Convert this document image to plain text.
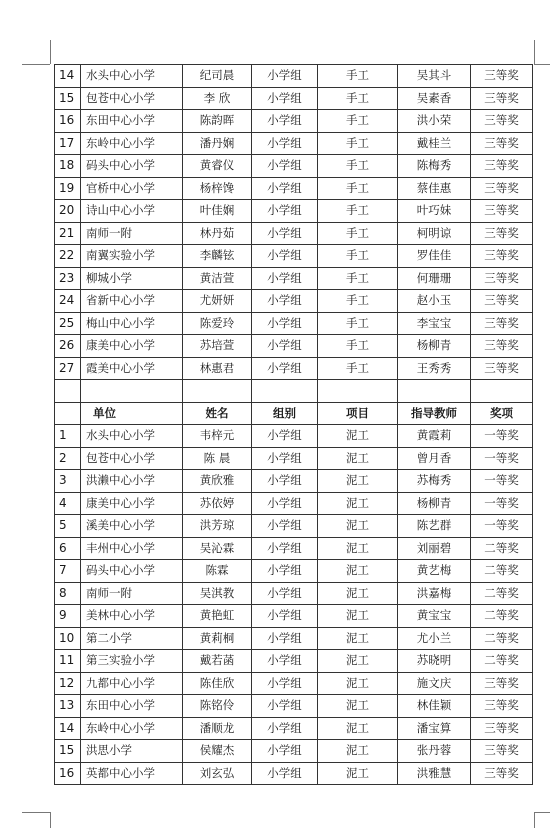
14	水头中心小学	纪司晨	小学组	手工	吴其斗	三等奖
15	包苍中心小学	李 欣	小学组	手工	吴素香	三等奖
16	东田中心小学	陈韵晖	小学组	手工	洪小荣	三等奖
17	东岭中心小学	潘丹娴	小学组	手工	戴桂兰	三等奖
18	码头中心小学	黄睿仪	小学组	手工	陈梅秀	三等奖
19	官桥中心小学	杨梓馋	小学组	手工	蔡佳惠	三等奖
20	诗山中心小学	叶佳娴	小学组	手工	叶巧妹	三等奖
21	南师一附	林丹茹	小学组	手工	柯明谅	三等奖
22	南翼实验小学	李麟铉	小学组	手工	罗佳佳	三等奖
23	柳城小学	黄洁萱	小学组	手工	何珊珊	三等奖
24	省新中心小学	尤妍妍	小学组	手工	赵小玉	三等奖
25	梅山中心小学	陈爱玲	小学组	手工	李宝宝	三等奖
26	康美中心小学	苏培萱	小学组	手工	杨柳青	三等奖
27	霞美中心小学	林惠君	小学组	手工	王秀秀	三等奖

	单位	姓名	组别	项目	指导教师	奖项
1	水头中心小学	韦梓元	小学组	泥工	黄霞莉	一等奖
2	包苍中心小学	陈 晨	小学组	泥工	曾月香	一等奖
3	洪濑中心小学	黄欣雅	小学组	泥工	苏梅秀	一等奖
4	康美中心小学	苏依婷	小学组	泥工	杨柳青	一等奖
5	溪美中心小学	洪芳琼	小学组	泥工	陈艺群	一等奖
6	丰州中心小学	吴沁霖	小学组	泥工	刘丽碧	二等奖
7	码头中心小学	陈霖	小学组	泥工	黄艺梅	二等奖
8	南师一附	吴淇教	小学组	泥工	洪嘉梅	二等奖
9	美林中心小学	黄艳虹	小学组	泥工	黄宝宝	二等奖
10	第二小学	黄莉桐	小学组	泥工	尤小兰	二等奖
11	第三实验小学	戴若菡	小学组	泥工	苏晓明	二等奖
12	九都中心小学	陈佳欣	小学组	泥工	施文庆	三等奖
13	东田中心小学	陈铭伶	小学组	泥工	林佳颖	三等奖
14	东岭中心小学	潘顺龙	小学组	泥工	潘宝算	三等奖
15	洪思小学	侯耀杰	小学组	泥工	张丹蓉	三等奖
16	英都中心小学	刘玄弘	小学组	泥工	洪雅慧	三等奖
